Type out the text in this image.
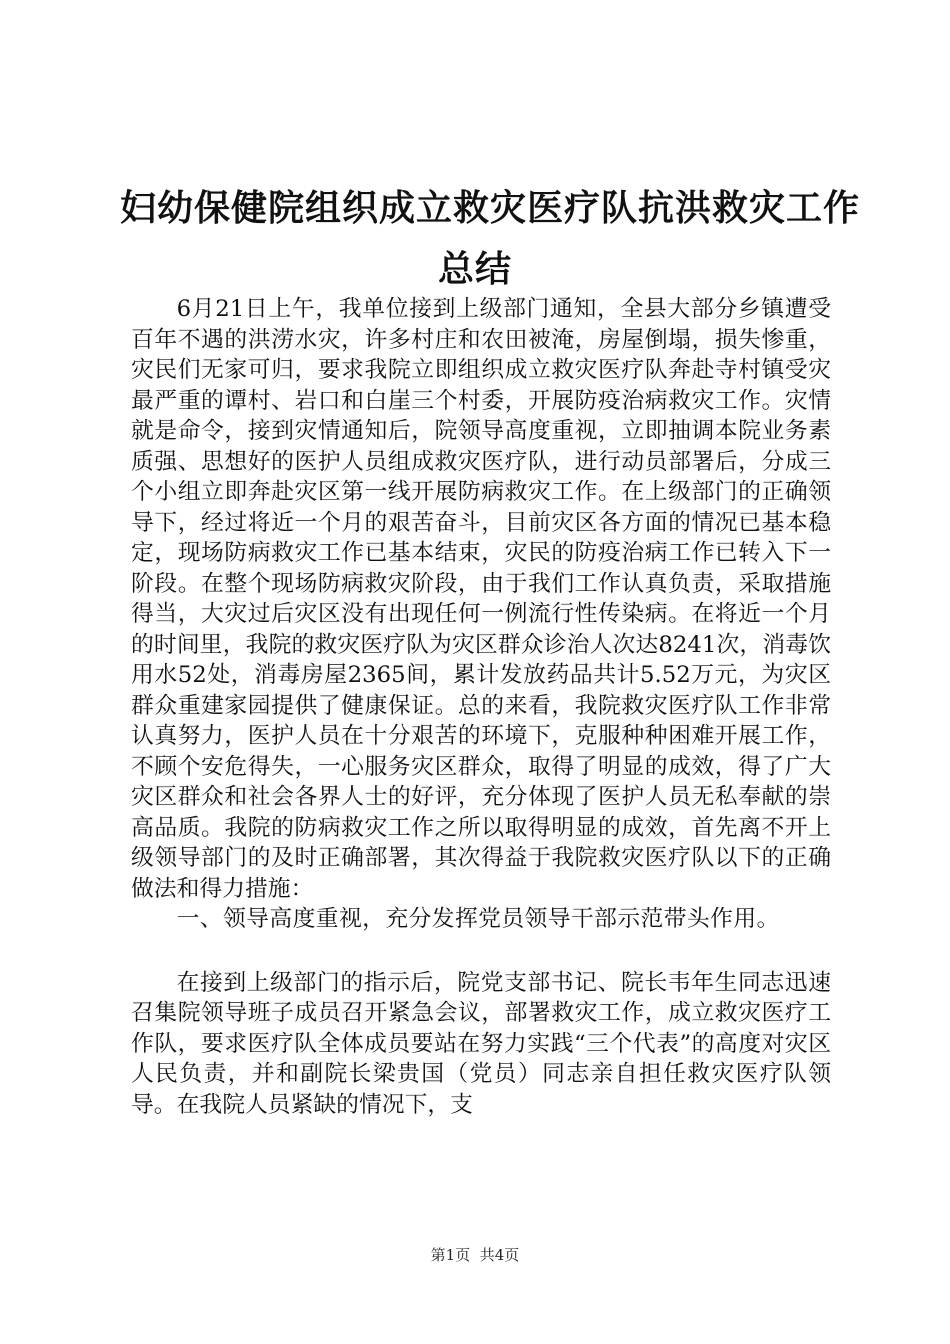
妇幼保健院组织成立救灾医疗队抗洪救灾工作
总结

6月21日上午，我单位接到上级部门通知，全县大部分乡镇遭受百年不遇的洪涝水灾，许多村庄和农田被淹，房屋倒塌，损失惨重，灾民们无家可归，要求我院立即组织成立救灾医疗队奔赴寺村镇受灾最严重的谭村、岩口和白崖三个村委，开展防疫治病救灾工作。灾情就是命令，接到灾情通知后，院领导高度重视，立即抽调本院业务素质强、思想好的医护人员组成救灾医疗队，进行动员部署后，分成三个小组立即奔赴灾区第一线开展防病救灾工作。在上级部门的正确领导下，经过将近一个月的艰苦奋斗，目前灾区各方面的情况已基本稳定，现场防病救灾工作已基本结束，灾民的防疫治病工作已转入下一阶段。在整个现场防病救灾阶段，由于我们工作认真负责，采取措施得当，大灾过后灾区没有出现任何一例流行性传染病。在将近一个月的时间里，我院的救灾医疗队为灾区群众诊治人次达8241次，消毒饮用水52处，消毒房屋2365间，累计发放药品共计5.52万元，为灾区群众重建家园提供了健康保证。总的来看，我院救灾医疗队工作非常认真努力，医护人员在十分艰苦的环境下，克服种种困难开展工作，不顾个安危得失，一心服务灾区群众，取得了明显的成效，得了广大灾区群众和社会各界人士的好评，充分体现了医护人员无私奉献的崇高品质。我院的防病救灾工作之所以取得明显的成效，首先离不开上级领导部门的及时正确部署，其次得益于我院救灾医疗队以下的正确做法和得力措施：

一、领导高度重视，充分发挥党员领导干部示范带头作用。

在接到上级部门的指示后，院党支部书记、院长韦年生同志迅速召集院领导班子成员召开紧急会议，部署救灾工作，成立救灾医疗工作队，要求医疗队全体成员要站在努力实践“三个代表”的高度对灾区人民负责，并和副院长梁贵国（党员）同志亲自担任救灾医疗队领导。在我院人员紧缺的情况下，支

第1页 共4页
